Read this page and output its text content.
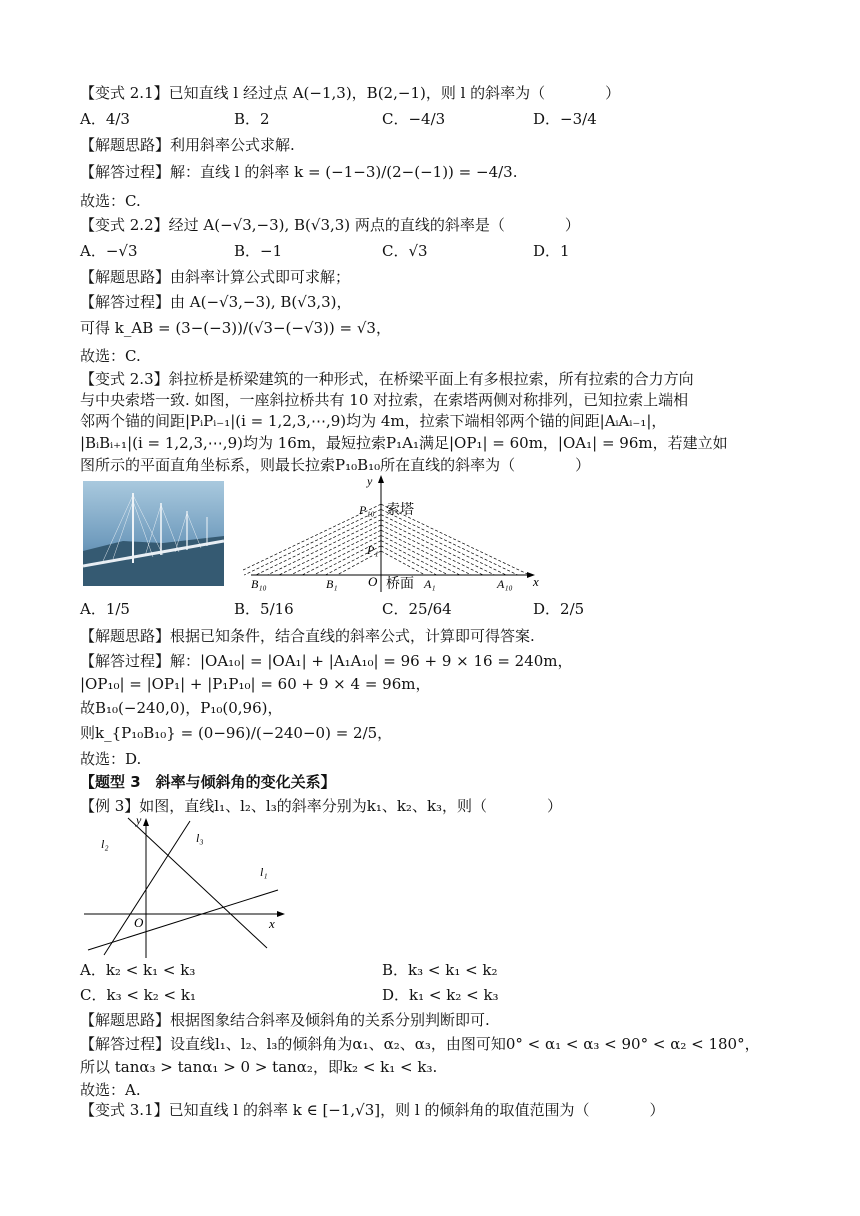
【变式 2.1】已知直线 l 经过点 A(−1,3)，B(2,−1)，则 l 的斜率为（　　　　）
A．4/3	B．2	C．−4/3	D．−3/4
【解题思路】利用斜率公式求解.
【解答过程】解：直线 l 的斜率 k = (−1−3)/(2−(−1)) = −4/3.
故选：C.
【变式 2.2】经过 A(−√3,−3), B(√3,3) 两点的直线的斜率是（　　　　）
A．−√3	B．−1	C．√3	D．1
【解题思路】由斜率计算公式即可求解；
【解答过程】由 A(−√3,−3), B(√3,3)，
可得 k_AB = (3−(−3))/(√3−(−√3)) = √3，
故选：C.
【变式 2.3】斜拉桥是桥梁建筑的一种形式，在桥梁平面上有多根拉索，所有拉索的合力方向
与中央索塔一致. 如图，一座斜拉桥共有 10 对拉索，在索塔两侧对称排列，已知拉索上端相
邻两个锚的间距|PᵢPᵢ₋₁|(i = 1,2,3,⋯,9)均为 4m，拉索下端相邻两个锚的间距|AᵢAᵢ₋₁|，
|BᵢBᵢ₊₁|(i = 1,2,3,⋯,9)均为 16m，最短拉索P₁A₁满足|OP₁| = 60m，|OA₁| = 96m，若建立如
图所示的平面直角坐标系，则最长拉索P₁₀B₁₀所在直线的斜率为（　　　　）
y
x
P₁₀ 索塔
P₁
O 桥面
B₁₀	B₁	A₁	A₁₀
A．1/5	B．5/16	C．25/64	D．2/5
【解题思路】根据已知条件，结合直线的斜率公式，计算即可得答案.
【解答过程】解：|OA₁₀| = |OA₁| + |A₁A₁₀| = 96 + 9 × 16 = 240m，
|OP₁₀| = |OP₁| + |P₁P₁₀| = 60 + 9 × 4 = 96m，
故B₁₀(−240,0)，P₁₀(0,96)，
则k_{P₁₀B₁₀} = (0−96)/(−240−0) = 2/5，
故选：D.
【题型 3　斜率与倾斜角的变化关系】
【例 3】如图，直线l₁、l₂、l₃的斜率分别为k₁、k₂、k₃，则（　　　　）
y
x
O
l₁
l₂	l₃
A．k₂ < k₁ < k₃	B．k₃ < k₁ < k₂
C．k₃ < k₂ < k₁	D．k₁ < k₂ < k₃
【解题思路】根据图象结合斜率及倾斜角的关系分别判断即可.
【解答过程】设直线l₁、l₂、l₃的倾斜角为α₁、α₂、α₃，由图可知0° < α₁ < α₃ < 90° < α₂ < 180°，
所以 tanα₃ > tanα₁ > 0 > tanα₂，即k₂ < k₁ < k₃.
故选：A.
【变式 3.1】已知直线 l 的斜率 k ∈ [−1,√3]，则 l 的倾斜角的取值范围为（　　　　）
